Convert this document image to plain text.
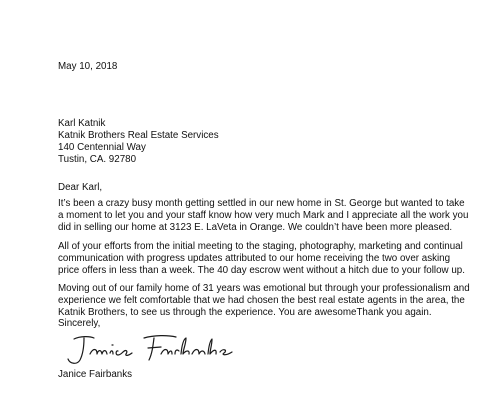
May 10, 2018
Karl Katnik
Katnik Brothers Real Estate Services
140 Centennial Way
Tustin, CA. 92780
Dear Karl,
It’s been a crazy busy month getting settled in our new home in St. George but wanted to take
a moment to let you and your staff know how very much Mark and I appreciate all the work you
did in selling our home at 3123 E. LaVeta in Orange. We couldn’t have been more pleased.
All of your efforts from the initial meeting to the staging, photography, marketing and continual
communication with progress updates attributed to our home receiving the two over asking
price offers in less than a week. The 40 day escrow went without a hitch due to your follow up.
Moving out of our family home of 31 years was emotional but through your professionalism and
experience we felt comfortable that we had chosen the best real estate agents in the area, the
Katnik Brothers, to see us through the experience. You are awesomeThank you again.
Sincerely,
Janice Fairbanks
